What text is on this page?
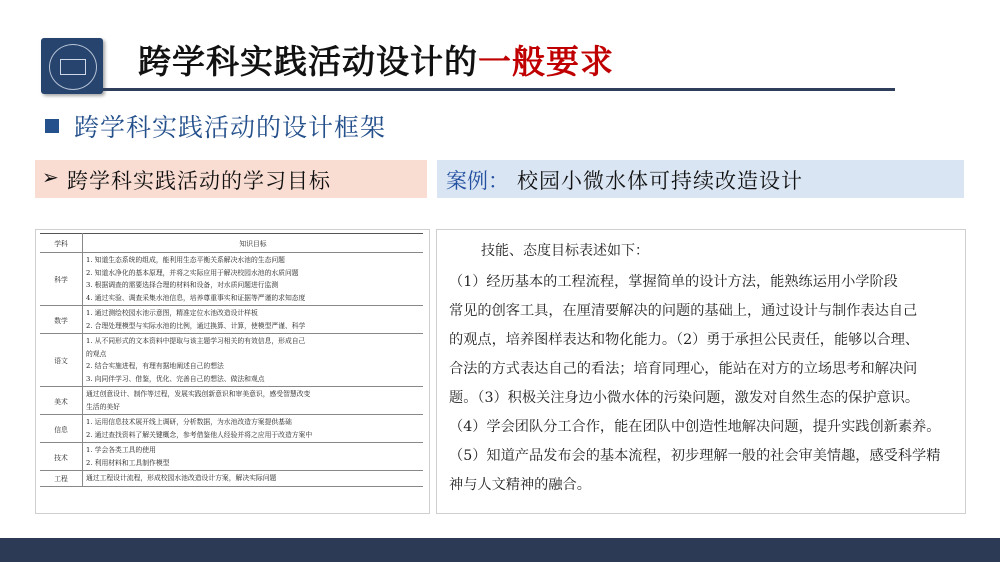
跨学科实践活动设计的一般要求
跨学科实践活动的设计框架
➢ 跨学科实践活动的学习目标	案例： 校园小微水体可持续改造设计
学科	知识目标
科学	1. 知道生态系统的组成，能利用生态平衡关系解决水池的生态问题
2. 知道水净化的基本原理，并将之实际应用于解决校园水池的水质问题
3. 根据调查的需要选择合理的材料和设备，对水质问题进行监测
4. 通过实验、调查采集水池信息，培养尊重事实和证据等严谨的求知态度

数学	1. 通过测绘校园水池示意图，精准定位水池改造设计样板
2. 合理处理模型与实际水池的比例，通过换算、计算，使模型严谨、科学

语文	1. 从不同形式的文本资料中提取与该主题学习相关的有效信息，形成自己
的观点
2. 结合实施进程，有理有据地阐述自己的想法
3. 向同伴学习、借鉴，优化、完善自己的想法、做法和观点

美术	通过创意设计、制作等过程，发展实践创新意识和审美意识，感受智慧改变
生活的美好

信息	1. 运用信息技术展开线上调研，分析数据，为水池改造方案提供基础
2. 通过查找资料了解关键概念，参考借鉴他人经验并将之应用于改造方案中

技术	1. 学会各类工具的使用
2. 利用材料和工具制作模型

工程	通过工程设计流程，形成校园水池改造设计方案，解决实际问题
技能、态度目标表述如下：
（1）经历基本的工程流程，掌握简单的设计方法，能熟练运用小学阶段
常见的创客工具，在厘清要解决的问题的基础上，通过设计与制作表达自己
的观点，培养图样表达和物化能力。（2）勇于承担公民责任，能够以合理、
合法的方式表达自己的看法；培育同理心，能站在对方的立场思考和解决问
题。（3）积极关注身边小微水体的污染问题，激发对自然生态的保护意识。
（4）学会团队分工合作，能在团队中创造性地解决问题，提升实践创新素养。
（5）知道产品发布会的基本流程，初步理解一般的社会审美情趣，感受科学精
神与人文精神的融合。
